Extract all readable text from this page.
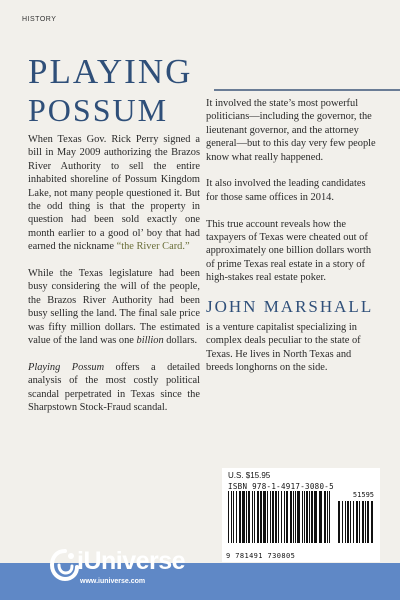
HISTORY
PLAYING
POSSUM

When Texas Gov. Rick Perry signed a bill in May 2009 authorizing the Brazos River Authority to sell the entire inhabited shoreline of Possum Kingdom Lake, not many people questioned it. But the odd thing is that the property in question had been sold exactly one month earlier to a good ol’ boy that had earned the nickname “the River Card.”

While the Texas legislature had been busy considering the will of the people, the Brazos River Authority had been busy selling the land. The final sale price was fifty million dollars. The estimated value of the land was one billion dollars.

Playing Possum offers a detailed analysis of the most costly political scandal perpetrated in Texas since the Sharpstown Stock-Fraud scandal.

It involved the state’s most powerful politicians—including the governor, the lieutenant governor, and the attorney general—but to this day very few people know what really happened.

It also involved the leading candidates for those same offices in 2014.

This true account reveals how the taxpayers of Texas were cheated out of approximately one billion dollars worth of prime Texas real estate in a story of high-stakes real estate poker.

JOHN MARSHALL
is a venture capitalist specializing in complex deals peculiar to the state of Texas. He lives in North Texas and breeds longhorns on the side.
U.S. $15.95
ISBN 978-1-4917-3080-5
51595
9 781491 730805
iUniverse
www.iuniverse.com
